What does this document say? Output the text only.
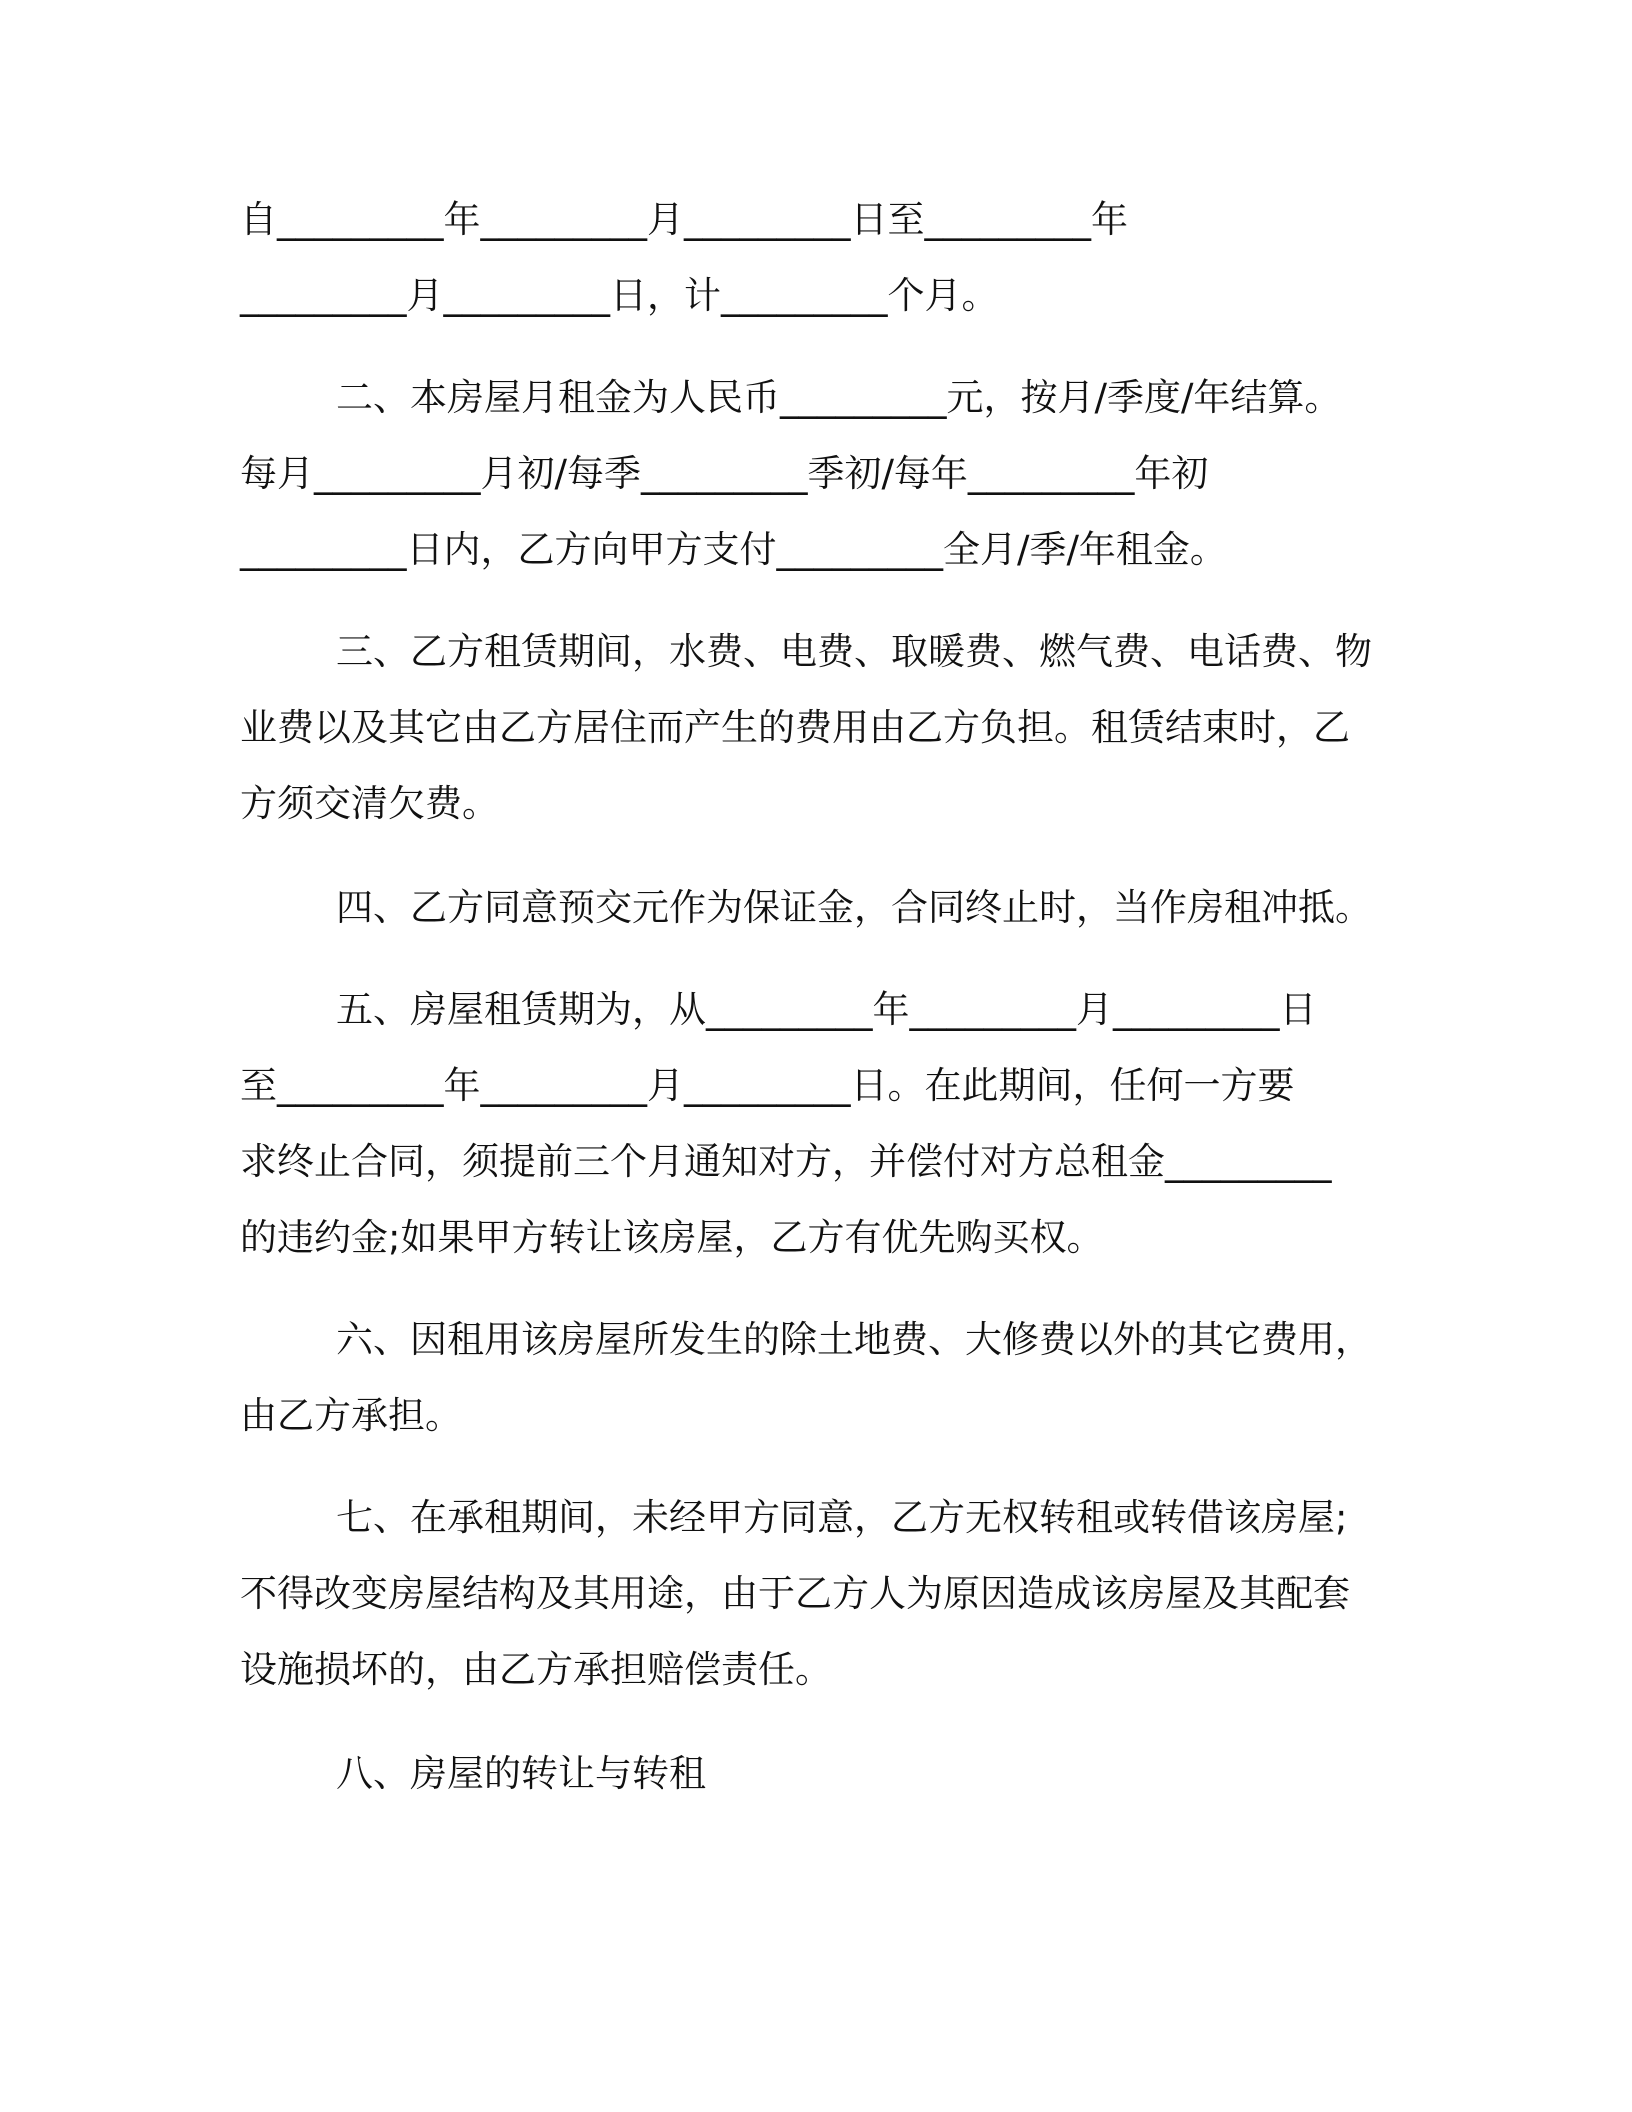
自_________年_________月_________日至_________年
_________月_________日，计_________个月。
二、本房屋月租金为人民币_________元，按月/季度/年结算。
每月_________月初/每季_________季初/每年_________年初
_________日内，乙方向甲方支付_________全月/季/年租金。
三、乙方租赁期间，水费、电费、取暖费、燃气费、电话费、物
业费以及其它由乙方居住而产生的费用由乙方负担。租赁结束时，乙
方须交清欠费。
四、乙方同意预交元作为保证金，合同终止时，当作房租冲抵。
五、房屋租赁期为，从_________年_________月_________日
至_________年_________月_________日。在此期间，任何一方要
求终止合同，须提前三个月通知对方，并偿付对方总租金_________
的违约金;如果甲方转让该房屋，乙方有优先购买权。
六、因租用该房屋所发生的除土地费、大修费以外的其它费用，
由乙方承担。
七、在承租期间，未经甲方同意，乙方无权转租或转借该房屋;
不得改变房屋结构及其用途，由于乙方人为原因造成该房屋及其配套
设施损坏的，由乙方承担赔偿责任。
八、房屋的转让与转租
